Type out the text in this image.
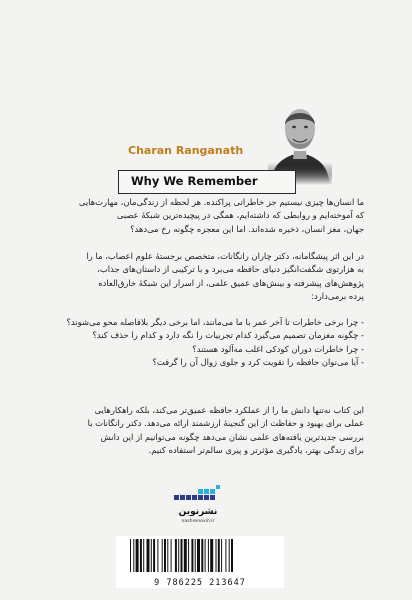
Charan Ranganath
Why We Remember
ما انسان‌ها چیزی نیستیم جز خاطراتی پراکنده. هر لحظه از زندگی‌مان، مهارت‌هایی
که آموخته‌ایم و روابطی که داشته‌ایم، همگی در پیچیده‌ترین شبکهٔ عصبی
جهان، مغز انسان، ذخیره شده‌اند. اما این معجزه چگونه رخ می‌دهد؟
در این اثر پیشگامانه، دکتر چاران رانگانات، متخصص برجستهٔ علوم اعصاب، ما را
به هزارتوی شگفت‌انگیز دنیای حافظه می‌برد و با ترکیبی از داستان‌های جذاب،
پژوهش‌های پیشرفته و بینش‌های عمیق علمی، از اسرار این شبکهٔ خارق‌العاده
پرده برمی‌دارد:
- چرا برخی خاطرات تا آخر عمر با ما می‌مانند، اما برخی دیگر بلافاصله محو می‌شوند؟
- چگونه مغزمان تصمیم می‌گیرد کدام تجربیات را نگه دارد و کدام را حذف کند؟
- چرا خاطرات دوران کودکی اغلب مه‌آلود هستند؟
- آیا می‌توان حافظه را تقویت کرد و جلوی زوال آن را گرفت؟
این کتاب نه‌تنها دانش ما را از عملکرد حافظه عمیق‌تر می‌کند، بلکه راهکارهایی
عملی برای بهبود و حفاظت از این گنجینهٔ ارزشمند ارائه می‌دهد. دکتر رانگانات با
بررسی جدیدترین یافته‌های علمی نشان می‌دهد چگونه می‌توانیم از این دانش
برای زندگی بهتر، یادگیری مؤثرتر و پیری سالم‌تر استفاده کنیم.
نشرنوین
nashrenovin.ir
9 786225 213647
